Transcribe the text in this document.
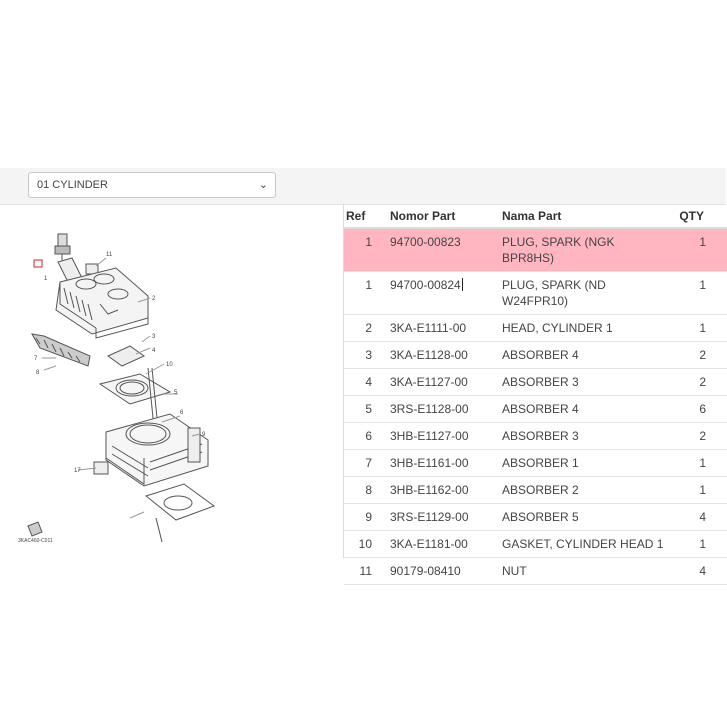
01 CYLINDER	⌄
11
2
1
3
4
5
6
7
8
9
10
17
3KAC460-C011
Ref	Nomor Part	Nama Part	QTY
1	94700-00823	PLUG, SPARK (NGK BPR8HS)	1
1	94700-00824	PLUG, SPARK (ND W24FPR10)	1
2	3KA-E1111-00	HEAD, CYLINDER 1	1
3	3KA-E1128-00	ABSORBER 4	2
4	3KA-E1127-00	ABSORBER 3	2
5	3RS-E1128-00	ABSORBER 4	6
6	3HB-E1127-00	ABSORBER 3	2
7	3HB-E1161-00	ABSORBER 1	1
8	3HB-E1162-00	ABSORBER 2	1
9	3RS-E1129-00	ABSORBER 5	4
10	3KA-E1181-00	GASKET, CYLINDER HEAD 1	1
11	90179-08410	NUT	4
